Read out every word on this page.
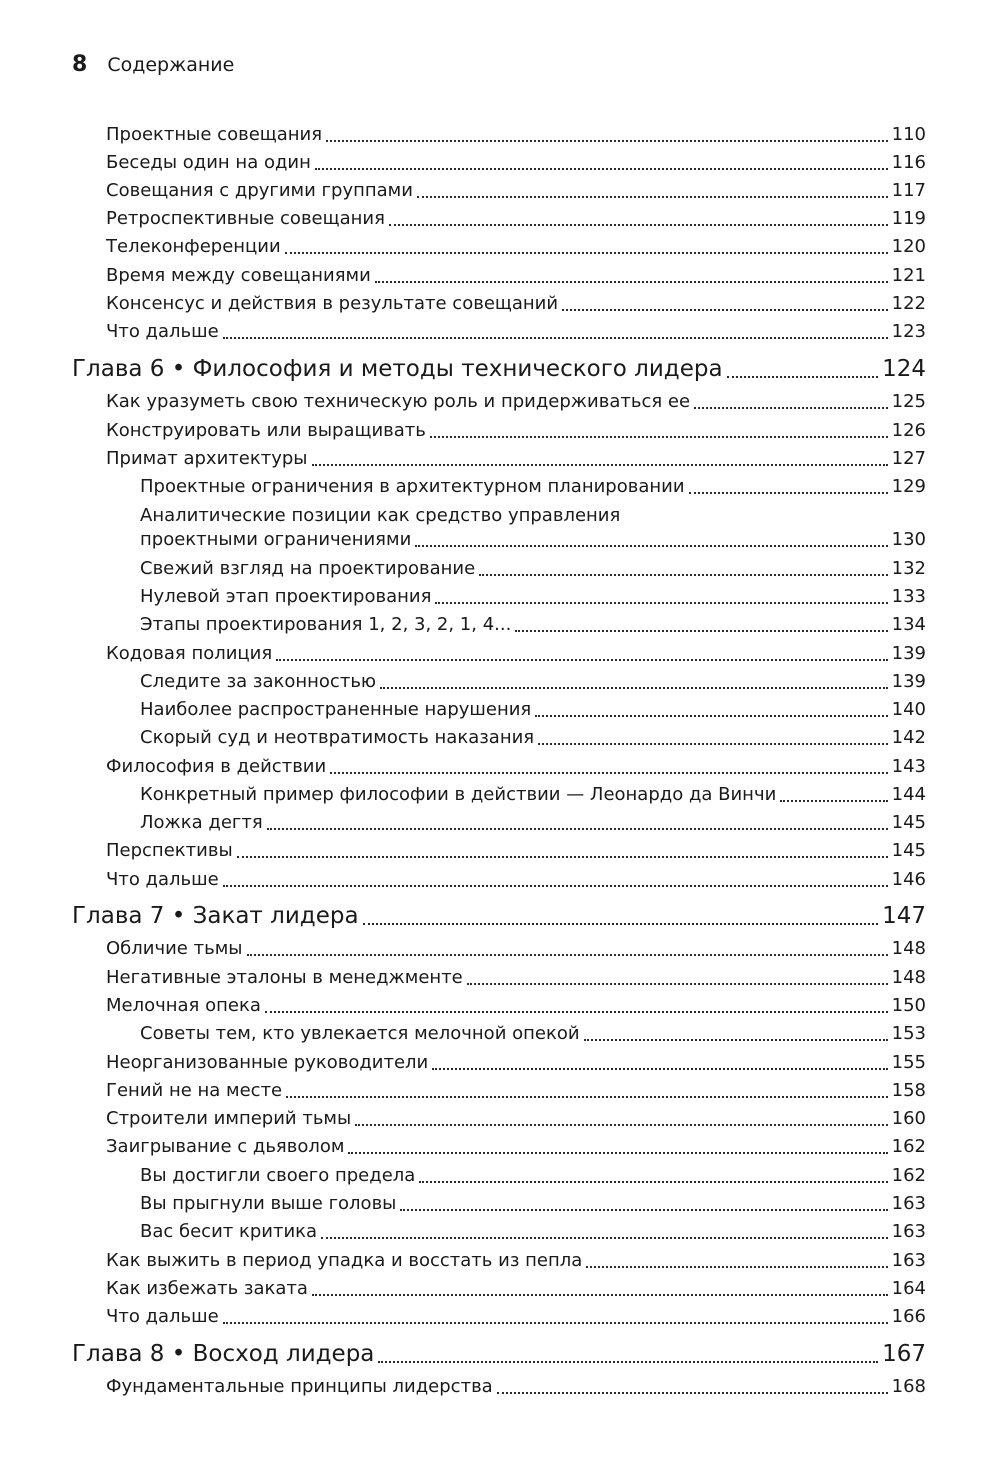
8 Содержание
Проектные совещания	110
Беседы один на один	116
Совещания с другими группами	117
Ретроспективные совещания	119
Телеконференции	120
Время между совещаниями	121
Консенсус и действия в результате совещаний	122
Что дальше	123
Глава 6 • Философия и методы технического лидера	124
Как уразуметь свою техническую роль и придерживаться ее	125
Конструировать или выращивать	126
Примат архитектуры	127
Проектные ограничения в архитектурном планировании	129
Аналитические позиции как средство управления
проектными ограничениями	130
Свежий взгляд на проектирование	132
Нулевой этап проектирования	133
Этапы проектирования 1, 2, 3, 2, 1, 4...	134
Кодовая полиция	139
Следите за законностью	139
Наиболее распространенные нарушения	140
Скорый суд и неотвратимость наказания	142
Философия в действии	143
Конкретный пример философии в действии — Леонардо да Винчи	144
Ложка дегтя	145
Перспективы	145
Что дальше	146
Глава 7 • Закат лидера	147
Обличие тьмы	148
Негативные эталоны в менеджменте	148
Мелочная опека	150
Советы тем, кто увлекается мелочной опекой	153
Неорганизованные руководители	155
Гений не на месте	158
Строители империй тьмы	160
Заигрывание с дьяволом	162
Вы достигли своего предела	162
Вы прыгнули выше головы	163
Вас бесит критика	163
Как выжить в период упадка и восстать из пепла	163
Как избежать заката	164
Что дальше	166
Глава 8 • Восход лидера	167
Фундаментальные принципы лидерства	168
